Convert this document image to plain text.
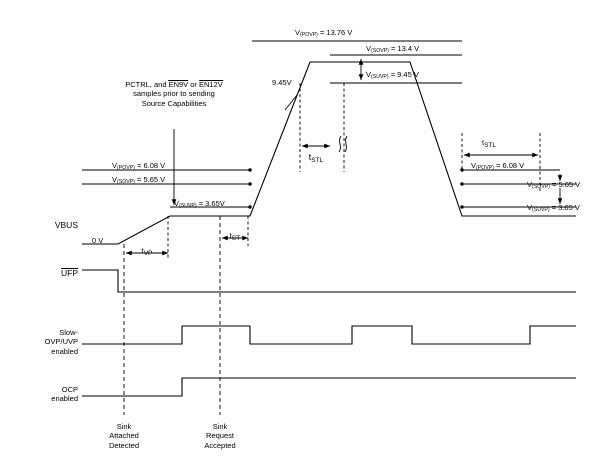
PCTRL, and EN9V or EN12V
samples prior to sending
Source Capabilities
V(POVP) = 6.08 V
V(SOVP) = 5.65 V
V(SUVP) = 3.65V
V(POVP) = 13.76 V
V(SOVP) = 13.4 V
V(SUVP) = 9.45 V
9.45V
V(POVP) = 6.08 V
V(SOVP) = 5.65 V
V(SUVP) = 3.65 V
VBUS
UFP
Slow-
OVP/UVP
enabled
OCP
enabled
0 V
tVP
tST
tSTL
tSTL
Sink
Attached
Detected
Sink
Request
Accepted
